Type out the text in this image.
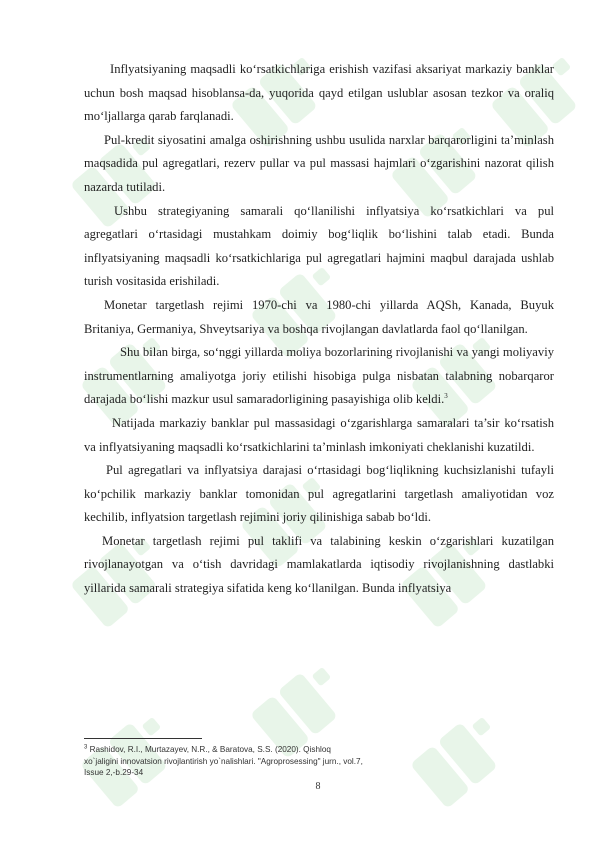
Inflyatsiyaning maqsadli ko‘rsatkichlariga erishish vazifasi aksariyat markaziy banklar uchun bosh maqsad hisoblansa-da, yuqorida qayd etilgan uslublar asosan tezkor va oraliq mo‘ljallarga qarab farqlanadi.

Pul-kredit siyosatini amalga oshirishning ushbu usulida narxlar barqarorligini ta’minlash maqsadida pul agregatlari, rezerv pullar va pul massasi hajmlari o‘zgarishini nazorat qilish nazarda tutiladi.

Ushbu strategiyaning samarali qo‘llanilishi inflyatsiya ko‘rsatkichlari va pul agregatlari o‘rtasidagi mustahkam doimiy bog‘liqlik bo‘lishini talab etadi. Bunda inflyatsiyaning maqsadli ko‘rsatkichlariga pul agregatlari hajmini maqbul darajada ushlab turish vositasida erishiladi.

Monetar targetlash rejimi 1970-chi va 1980-chi yillarda AQSh, Kanada, Buyuk Britaniya, Germaniya, Shveytsariya va boshqa rivojlangan davlatlarda faol qo‘llanilgan.

Shu bilan birga, so‘nggi yillarda moliya bozorlarining rivojlanishi va yangi moliyaviy instrumentlarning amaliyotga joriy etilishi hisobiga pulga nisbatan talabning nobarqaror darajada bo‘lishi mazkur usul samaradorligining pasayishiga olib keldi.$^3$

Natijada markaziy banklar pul massasidagi o‘zgarishlarga samaralari ta’sir ko‘rsatish va inflyatsiyaning maqsadli ko‘rsatkichlarini ta’minlash imkoniyati cheklanishi kuzatildi.

Pul agregatlari va inflyatsiya darajasi o‘rtasidagi bog‘liqlikning kuchsizlanishi tufayli ko‘pchilik markaziy banklar tomonidan pul agregatlarini targetlash amaliyotidan voz kechilib, inflyatsion targetlash rejimini joriy qilinishiga sabab bo‘ldi.

Monetar targetlash rejimi pul taklifi va talabining keskin o‘zgarishlari kuzatilgan rivojlanayotgan va o‘tish davridagi mamlakatlarda iqtisodiy rivojlanishning dastlabki yillarida samarali strategiya sifatida keng ko‘llanilgan. Bunda inflyatsiya

$^3$ Rashidov, R.I., Murtazayev, N.R., & Baratova, S.S. (2020). Qishloq
xo`jaligini innovatsion rivojlantirish yo`nalishlari. "Agroprosessing" jurn., vol.7,
Issue 2,-b.29-34
8
